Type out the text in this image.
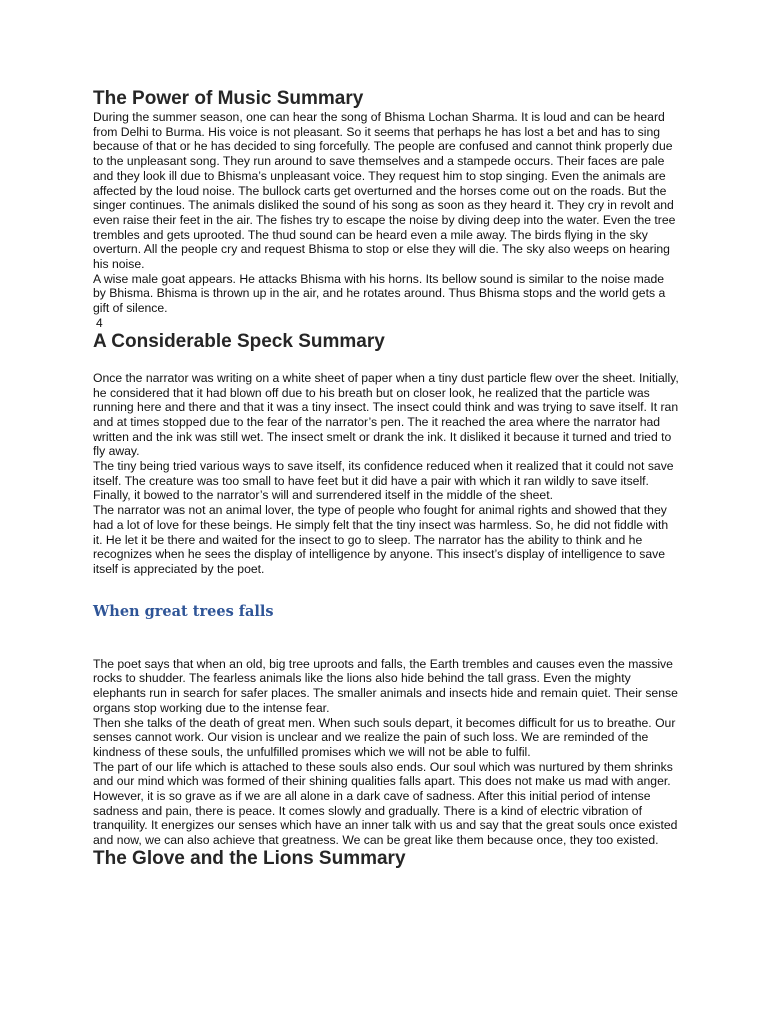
The Power of Music Summary

During the summer season, one can hear the song of Bhisma Lochan Sharma. It is loud and can be heard from Delhi to Burma. His voice is not pleasant. So it seems that perhaps he has lost a bet and has to sing because of that or he has decided to sing forcefully. The people are confused and cannot think properly due to the unpleasant song. They run around to save themselves and a stampede occurs. Their faces are pale and they look ill due to Bhisma’s unpleasant voice. They request him to stop singing. Even the animals are affected by the loud noise. The bullock carts get overturned and the horses come out on the roads. But the singer continues. The animals disliked the sound of his song as soon as they heard it. They cry in revolt and even raise their feet in the air. The fishes try to escape the noise by diving deep into the water. Even the tree trembles and gets uprooted. The thud sound can be heard even a mile away. The birds flying in the sky overturn. All the people cry and request Bhisma to stop or else they will die. The sky also weeps on hearing his noise.

A wise male goat appears. He attacks Bhisma with his horns. Its bellow sound is similar to the noise made by Bhisma. Bhisma is thrown up in the air, and he rotates around. Thus Bhisma stops and the world gets a gift of silence.

4

A Considerable Speck Summary

Once the narrator was writing on a white sheet of paper when a tiny dust particle flew over the sheet. Initially, he considered that it had blown off due to his breath but on closer look, he realized that the particle was running here and there and that it was a tiny insect. The insect could think and was trying to save itself. It ran and at times stopped due to the fear of the narrator’s pen. The it reached the area where the narrator had written and the ink was still wet. The insect smelt or drank the ink. It disliked it because it turned and tried to fly away.

The tiny being tried various ways to save itself, its confidence reduced when it realized that it could not save itself. The creature was too small to have feet but it did have a pair with which it ran wildly to save itself. Finally, it bowed to the narrator’s will and surrendered itself in the middle of the sheet.

The narrator was not an animal lover, the type of people who fought for animal rights and showed that they had a lot of love for these beings. He simply felt that the tiny insect was harmless. So, he did not fiddle with it. He let it be there and waited for the insect to go to sleep. The narrator has the ability to think and he recognizes when he sees the display of intelligence by anyone. This insect’s display of intelligence to save itself is appreciated by the poet.

When great trees falls

The poet says that when an old, big tree uproots and falls, the Earth trembles and causes even the massive rocks to shudder. The fearless animals like the lions also hide behind the tall grass. Even the mighty elephants run in search for safer places. The smaller animals and insects hide and remain quiet. Their sense organs stop working due to the intense fear.

Then she talks of the death of great men. When such souls depart, it becomes difficult for us to breathe. Our senses cannot work. Our vision is unclear and we realize the pain of such loss. We are reminded of the kindness of these souls, the unfulfilled promises which we will not be able to fulfil.

The part of our life which is attached to these souls also ends. Our soul which was nurtured by them shrinks and our mind which was formed of their shining qualities falls apart. This does not make us mad with anger. However, it is so grave as if we are all alone in a dark cave of sadness. After this initial period of intense sadness and pain, there is peace. It comes slowly and gradually. There is a kind of electric vibration of tranquility. It energizes our senses which have an inner talk with us and say that the great souls once existed and now, we can also achieve that greatness. We can be great like them because once, they too existed.

The Glove and the Lions Summary
